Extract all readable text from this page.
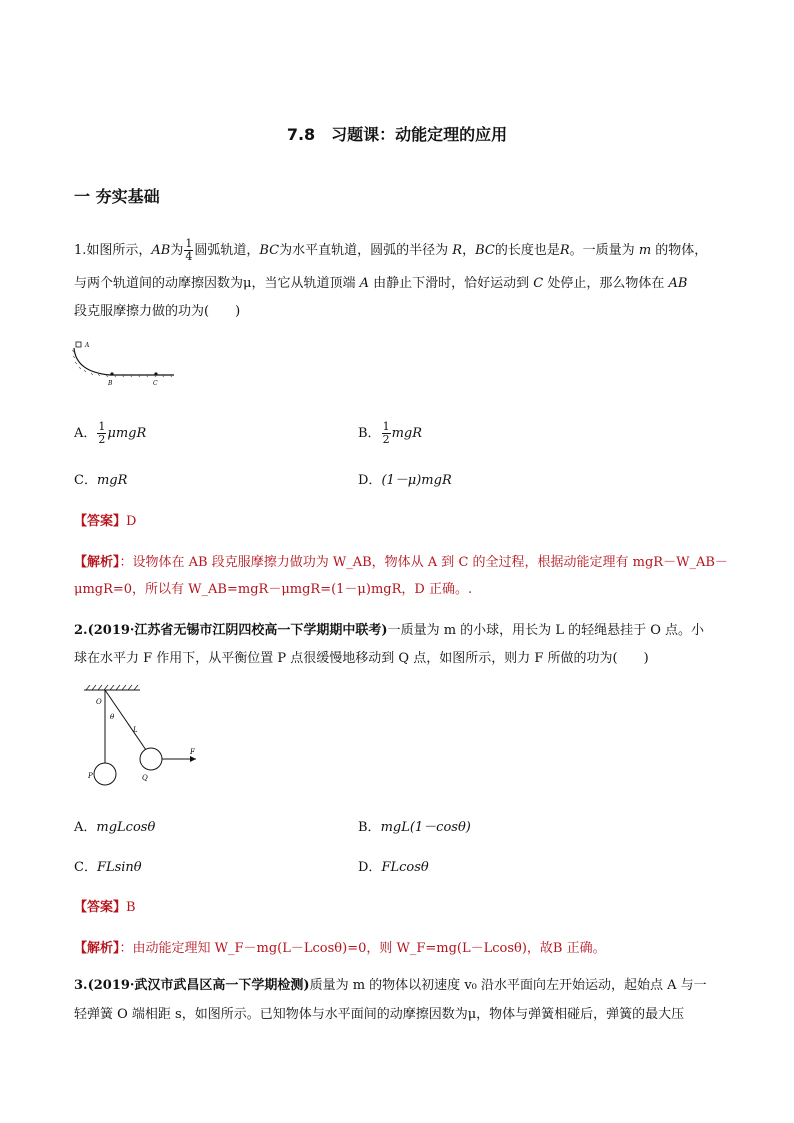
7.8　习题课：动能定理的应用
一 夯实基础
1.如图所示，AB为 $\frac{1}{4}$ 圆弧轨道，BC为水平直轨道，圆弧的半径为 R，BC的长度也是R。一质量为 m 的物体，
与两个轨道间的动摩擦因数为μ，当它从轨道顶端 A 由静止下滑时，恰好运动到 C 处停止，那么物体在 AB
段克服摩擦力做的功为(　　)
A
B	C
A． $\frac{1}{2}$ μmgR	B． $\frac{1}{2}$ mgR
C．mgR	D．(1－μ)mgR
【答案】D
【解析】：设物体在 AB 段克服摩擦力做功为 W_AB，物体从 A 到 C 的全过程，根据动能定理有 mgR－W_AB－
μmgR=0，所以有 W_AB=mgR－μmgR=(1－μ)mgR，D 正确。.
2.(2019·江苏省无锡市江阴四校高一下学期期中联考)一质量为 m 的小球，用长为 L 的轻绳悬挂于 O 点。小
球在水平力 F 作用下，从平衡位置 P 点很缓慢地移动到 Q 点，如图所示，则力 F 所做的功为(　　)
O
θ
L
P	Q
F
A．mgLcosθ	B．mgL(1－cosθ)
C．FLsinθ	D．FLcosθ
【答案】B
【解析】：由动能定理知 W_F－mg(L－Lcosθ)=0，则 W_F=mg(L－Lcosθ)，故B 正确。
3.(2019·武汉市武昌区高一下学期检测)质量为 m 的物体以初速度 v₀ 沿水平面向左开始运动，起始点 A 与一
轻弹簧 O 端相距 s，如图所示。已知物体与水平面间的动摩擦因数为μ，物体与弹簧相碰后，弹簧的最大压
